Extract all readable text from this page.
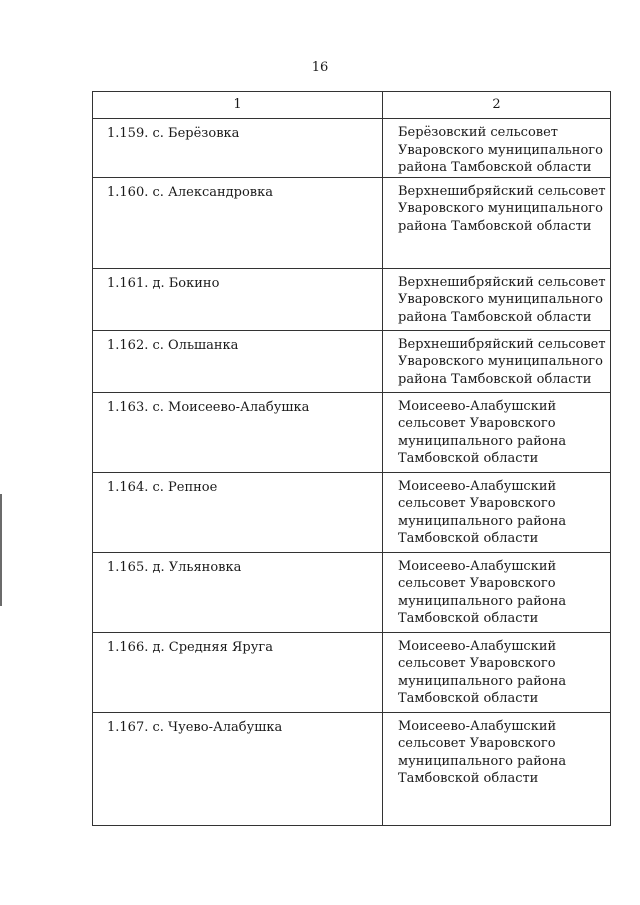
16
1	2

1.159. с. Берёзовка	Берёзовский сельсовет
Уваровского муниципального
района Тамбовской области

1.160. с. Александровка	Верхнешибряйский сельсовет
Уваровского муниципального
района Тамбовской области

1.161. д. Бокино	Верхнешибряйский сельсовет
Уваровского муниципального
района Тамбовской области

1.162. с. Ольшанка	Верхнешибряйский сельсовет
Уваровского муниципального
района Тамбовской области

1.163. с. Моисеево-Алабушка	Моисеево-Алабушский
сельсовет Уваровского
муниципального района
Тамбовской области

1.164. с. Репное	Моисеево-Алабушский
сельсовет Уваровского
муниципального района
Тамбовской области

1.165. д. Ульяновка	Моисеево-Алабушский
сельсовет Уваровского
муниципального района
Тамбовской области

1.166. д. Средняя Яруга	Моисеево-Алабушский
сельсовет Уваровского
муниципального района
Тамбовской области

1.167. с. Чуево-Алабушка	Моисеево-Алабушский
сельсовет Уваровского
муниципального района
Тамбовской области
